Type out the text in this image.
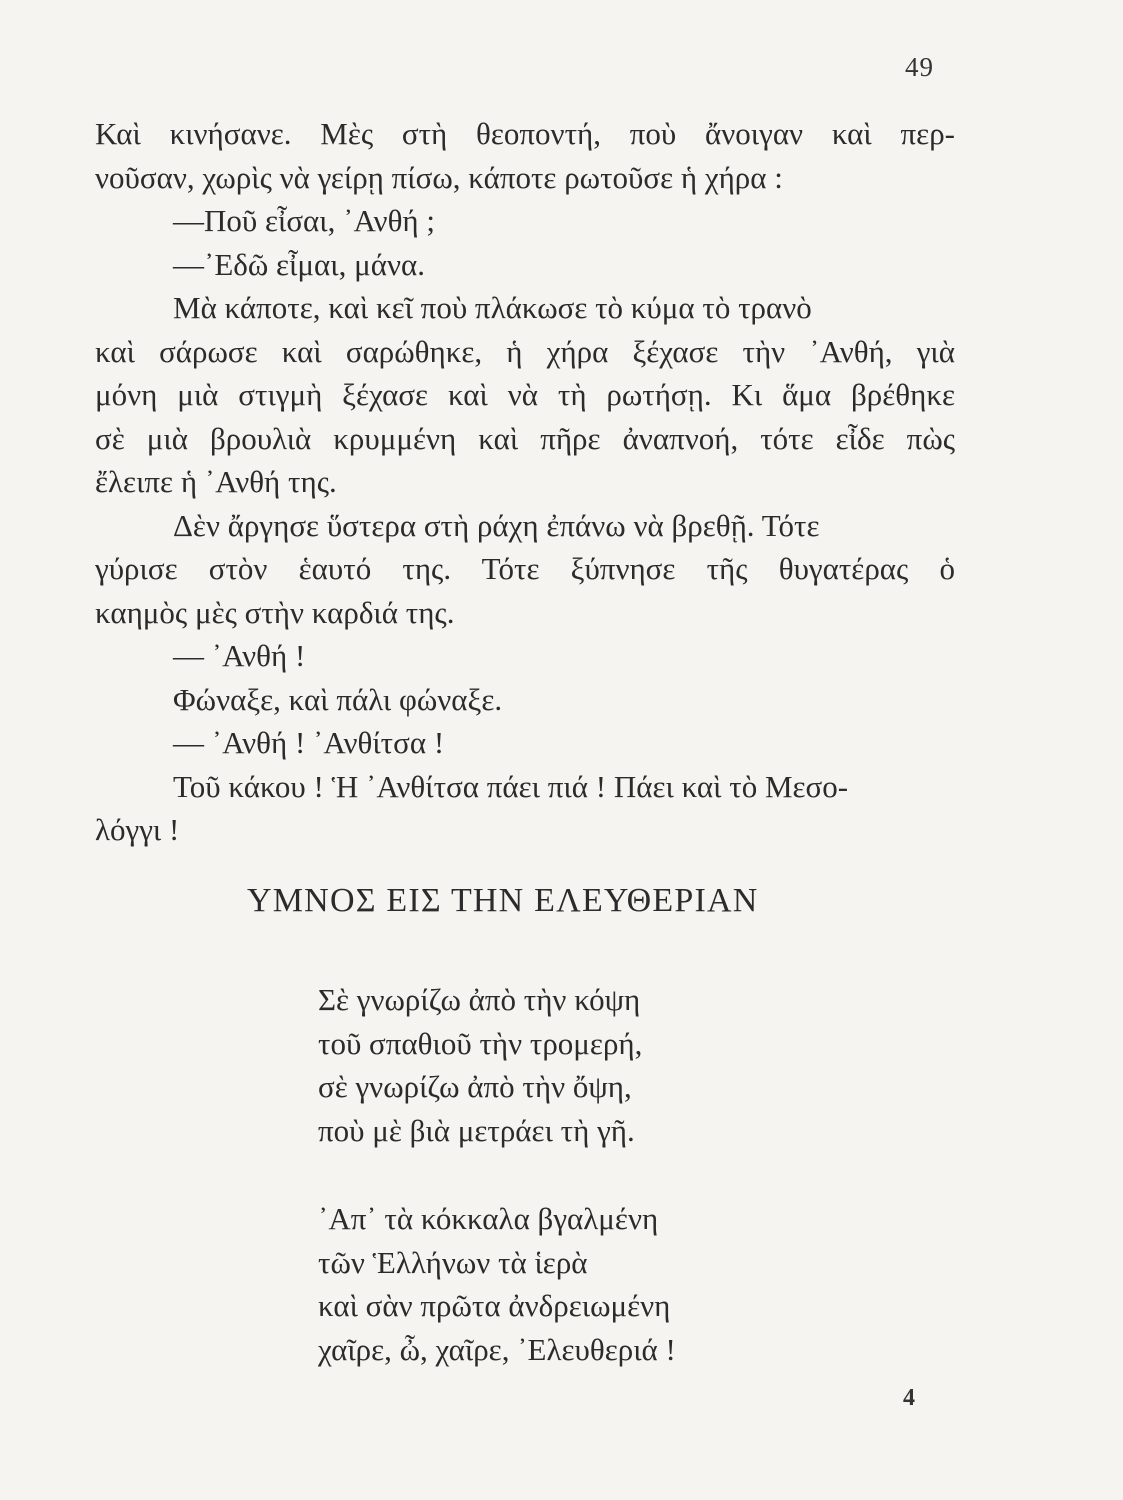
49
Καὶ κινήσανε. Μὲς στὴ θεοποντή, ποὺ ἄνοιγαν καὶ περ-
νοῦσαν, χωρὶς νὰ γείρῃ πίσω, κάποτε ρωτοῦσε ἡ χήρα :
—Ποῦ εἶσαι, ᾿Ανθή ;
—᾿Εδῶ εἶμαι, μάνα.
Μὰ κάποτε, καὶ κεῖ ποὺ πλάκωσε τὸ κύμα τὸ τρανὸ
καὶ σάρωσε καὶ σαρώθηκε, ἡ χήρα ξέχασε τὴν ᾿Ανθή, γιὰ
μόνη μιὰ στιγμὴ ξέχασε καὶ νὰ τὴ ρωτήσῃ. Κι ἅμα βρέθηκε
σὲ μιὰ βρουλιὰ κρυμμένη καὶ πῆρε ἀναπνοή, τότε εἶδε πὼς
ἔλειπε ἡ ᾿Ανθή της.
Δὲν ἄργησε ὕστερα στὴ ράχη ἐπάνω νὰ βρεθῇ. Τότε
γύρισε στὸν ἑαυτό της. Τότε ξύπνησε τῆς θυγατέρας ὁ
καημὸς μὲς στὴν καρδιά της.
— ᾿Ανθή !
Φώναξε, καὶ πάλι φώναξε.
— ᾿Ανθή ! ᾿Ανθίτσα !
Τοῦ κάκου ! Ἡ ᾿Ανθίτσα πάει πιά ! Πάει καὶ τὸ Μεσο-
λόγγι !
ΥΜΝΟΣ ΕΙΣ ΤΗΝ ΕΛΕΥΘΕΡΙΑΝ
Σὲ γνωρίζω ἀπὸ τὴν κόψη
τοῦ σπαθιοῦ τὴν τρομερή,
σὲ γνωρίζω ἀπὸ τὴν ὄψη,
ποὺ μὲ βιὰ μετράει τὴ γῆ.
᾿Απ᾿ τὰ κόκκαλα βγαλμένη
τῶν Ἑλλήνων τὰ ἱερὰ
καὶ σὰν πρῶτα ἀνδρειωμένη
χαῖρε, ὦ, χαῖρε, ᾿Ελευθεριά !
4
